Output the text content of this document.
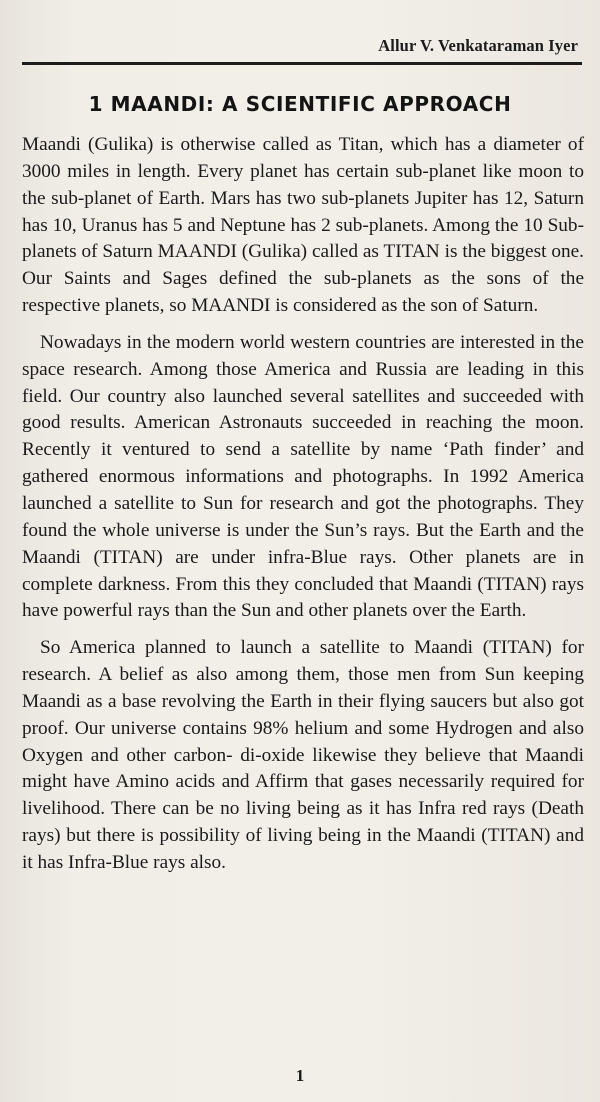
Allur V. Venkataraman Iyer
1 MAANDI: A SCIENTIFIC APPROACH

Maandi (Gulika) is otherwise called as Titan, which has a diameter of 3000 miles in length. Every planet has certain sub-planet like moon to the sub-planet of Earth. Mars has two sub-planets Jupiter has 12, Saturn has 10, Uranus has 5 and Neptune has 2 sub-planets. Among the 10 Sub-planets of Saturn MAANDI (Gulika) called as TITAN is the biggest one. Our Saints and Sages defined the sub-planets as the sons of the respective planets, so MAANDI is considered as the son of Saturn.

Nowadays in the modern world western countries are interested in the space research. Among those America and Russia are leading in this field. Our country also launched several satellites and succeeded with good results. American Astronauts succeeded in reaching the moon. Recently it ventured to send a satellite by name ‘Path finder’ and gathered enormous informations and photographs. In 1992 America launched a satellite to Sun for research and got the photographs. They found the whole universe is under the Sun’s rays. But the Earth and the Maandi (TITAN) are under infra-Blue rays. Other planets are in complete darkness. From this they concluded that Maandi (TITAN) rays have powerful rays than the Sun and other planets over the Earth.

So America planned to launch a satellite to Maandi (TITAN) for research. A belief as also among them, those men from Sun keeping Maandi as a base revolving the Earth in their flying saucers but also got proof. Our universe contains 98% helium and some Hydrogen and also Oxygen and other carbon- di-oxide likewise they believe that Maandi might have Amino acids and Affirm that gases necessarily required for livelihood. There can be no living being as it has Infra red rays (Death rays) but there is possibility of living being in the Maandi (TITAN) and it has Infra-Blue rays also.

1
